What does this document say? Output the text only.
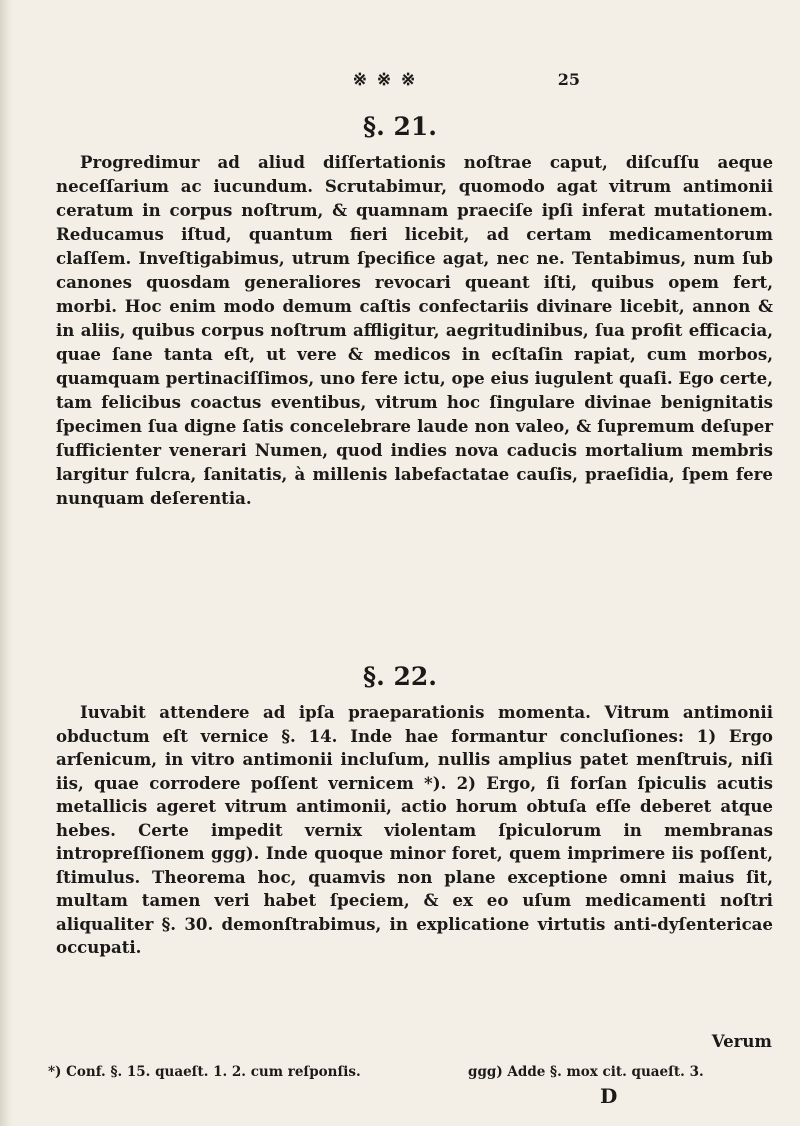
※ ※ ※	25
§. 21.

Progredimur ad aliud diſſertationis noſtrae caput, diſcuſſu aeque neceſſarium ac iucundum. Scrutabimur, quomodo agat vitrum antimonii ceratum in corpus noſtrum, & quamnam praeciſe ipſi inferat mutationem. Reducamus iſtud, quantum fieri licebit, ad certam medicamentorum claſſem. Inveſtigabimus, utrum ſpecifice agat, nec ne. Tentabimus, num ſub canones quosdam generaliores revocari queant iſti, quibus opem fert, morbi. Hoc enim modo demum caſtis confectariis divinare licebit, annon & in aliis, quibus corpus noſtrum affligitur, aegritudinibus, ſua profit efficacia, quae ſane tanta eſt, ut vere & medicos in ecſtaſin rapiat, cum morbos, quamquam pertinaciſſimos, uno fere ictu, ope eius iugulent quaſi. Ego certe, tam felicibus coactus eventibus, vitrum hoc ſingulare divinae benignitatis ſpecimen ſua digne ſatis concelebrare laude non valeo, & ſupremum deſuper ſufficienter venerari Numen, quod indies nova caducis mortalium membris largitur fulcra, ſanitatis, à millenis labefactatae cauſis, praeſidia, ſpem fere nunquam deſerentia.

§. 22.

Iuvabit attendere ad ipſa praeparationis momenta. Vitrum antimonii obductum eſt vernice §. 14. Inde hae formantur concluſiones: 1) Ergo arſenicum, in vitro antimonii incluſum, nullis amplius patet menſtruis, niſi iis, quae corrodere poſſent vernicem *). 2) Ergo, ſi forſan ſpiculis acutis metallicis ageret vitrum antimonii, actio horum obtuſa eſſe deberet atque hebes. Certe impedit vernix violentam ſpiculorum in membranas intropreſſionem ggg). Inde quoque minor foret, quem imprimere iis poſſent, ſtimulus. Theorema hoc, quamvis non plane exceptione omni maius ſit, multam tamen veri habet ſpeciem, & ex eo uſum medicamenti noſtri aliqualiter §. 30. demonſtrabimus, in explicatione virtutis anti-dyſentericae occupati.

Verum
*) Conf. §. 15. quaeſt. 1. 2. cum reſponſis.	ggg) Adde §. mox cit. quaeſt. 3.
D
